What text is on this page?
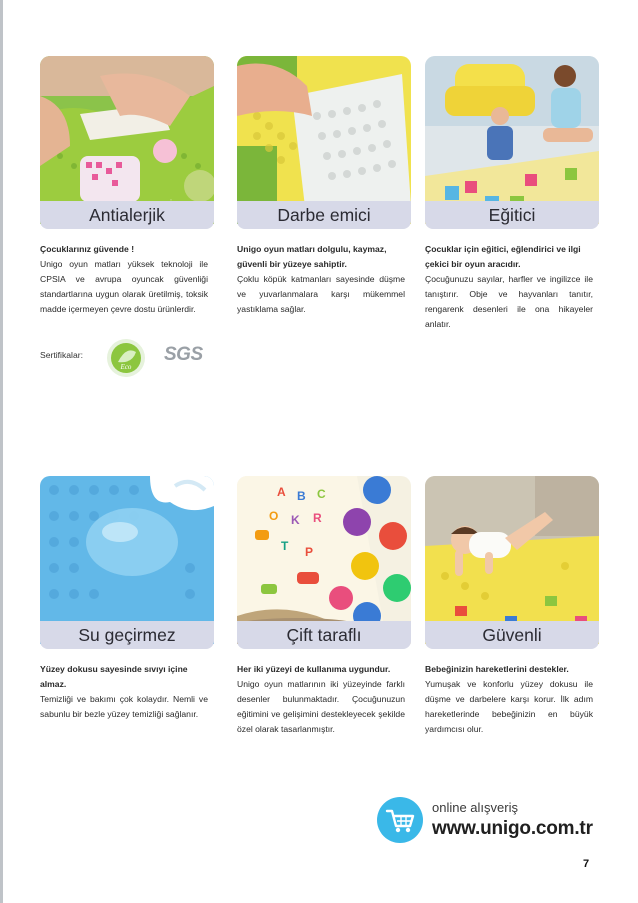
Antialerjik
Çocuklarınız güvende !

Unigo oyun matları yüksek teknoloji ile CPSIA ve avrupa oyuncak güvenliği standartlarına uygun olarak üretilmiş, toksik madde içermeyen çevre dostu ürünlerdir.

Sertifikalar:
Eco
SGS
Darbe emici
Unigo oyun matları dolgulu, kaymaz, güvenli bir yüzeye sahiptir.

Çoklu köpük katmanları sayesinde düşme ve yuvarlanmalara karşı mükemmel yastıklama sağlar.

Eğitici
Çocuklar için eğitici, eğlendirici ve ilgi çekici bir oyun aracıdır.

Çocuğunuzu sayılar, harfler ve ingilizce ile tanıştırır. Obje ve hayvanları tanıtır, rengarenk desenleri ile ona hikayeler anlatır.

Su geçirmez
Yüzey dokusu sayesinde sıvıyı içine almaz.

Temizliği ve bakımı çok kolaydır. Nemli ve sabunlu bir bezle yüzey temizliği sağlanır.

A B C
O K R
T P
Çift taraflı
Her iki yüzeyi de kullanıma uygundur.

Unigo oyun matlarının iki yüzeyinde farklı desenler bulunmaktadır. Çocuğunuzun eğitimini ve gelişimini destekleyecek şekilde özel olarak tasarlanmıştır.

Güvenli
Bebeğinizin hareketlerini destekler.

Yumuşak ve konforlu yüzey dokusu ile düşme ve darbelere karşı korur. İlk adım hareketlerinde bebeğinizin en büyük yardımcısı olur.

online alışveriş
www.unigo.com.tr
7
